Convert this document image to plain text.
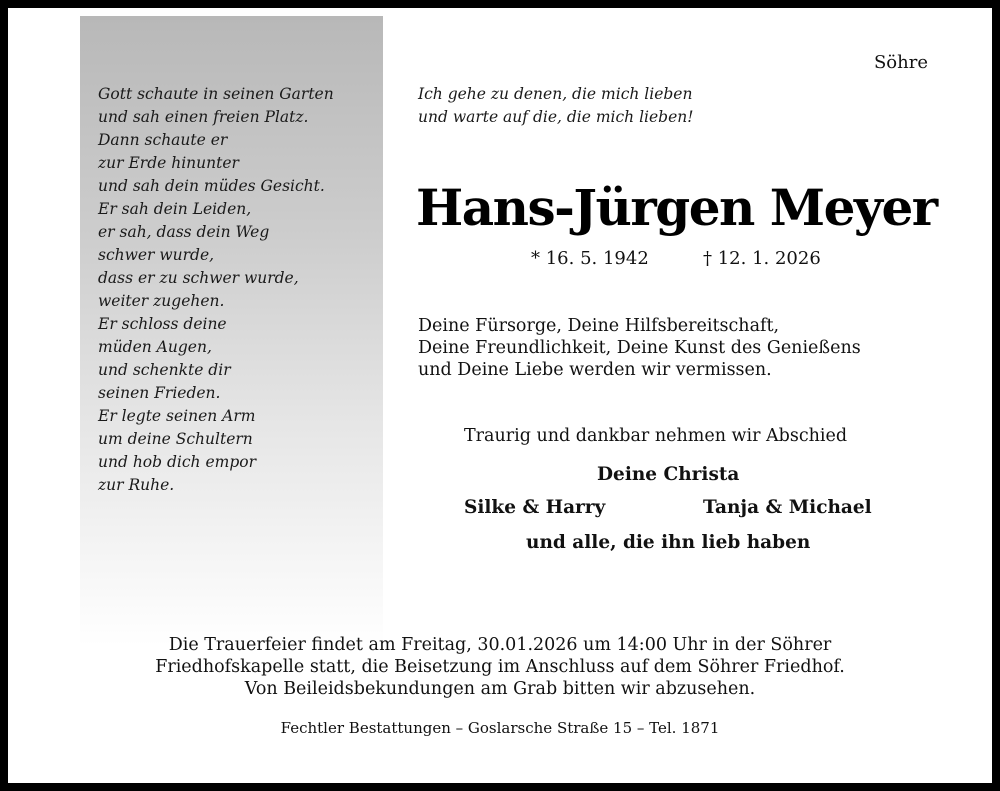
Gott schaute in seinen Garten
und sah einen freien Platz.
Dann schaute er
zur Erde hinunter
und sah dein müdes Gesicht.
Er sah dein Leiden,
er sah, dass dein Weg
schwer wurde,
dass er zu schwer wurde,
weiter zugehen.
Er schloss deine
müden Augen,
und schenkte dir
seinen Frieden.
Er legte seinen Arm
um deine Schultern
und hob dich empor
zur Ruhe.
Söhre
Ich gehe zu denen, die mich lieben
und warte auf die, die mich lieben!
Hans-Jürgen Meyer
* 16. 5. 1942	† 12. 1. 2026
Deine Fürsorge, Deine Hilfsbereitschaft,
Deine Freundlichkeit, Deine Kunst des Genießens
und Deine Liebe werden wir vermissen.
Traurig und dankbar nehmen wir Abschied
Deine Christa
Silke & Harry	Tanja & Michael
und alle, die ihn lieb haben
Die Trauerfeier findet am Freitag, 30.01.2026 um 14:00 Uhr in der Söhrer
Friedhofskapelle statt, die Beisetzung im Anschluss auf dem Söhrer Friedhof.
Von Beileidsbekundungen am Grab bitten wir abzusehen.
Fechtler Bestattungen – Goslarsche Straße 15 – Tel. 1871
